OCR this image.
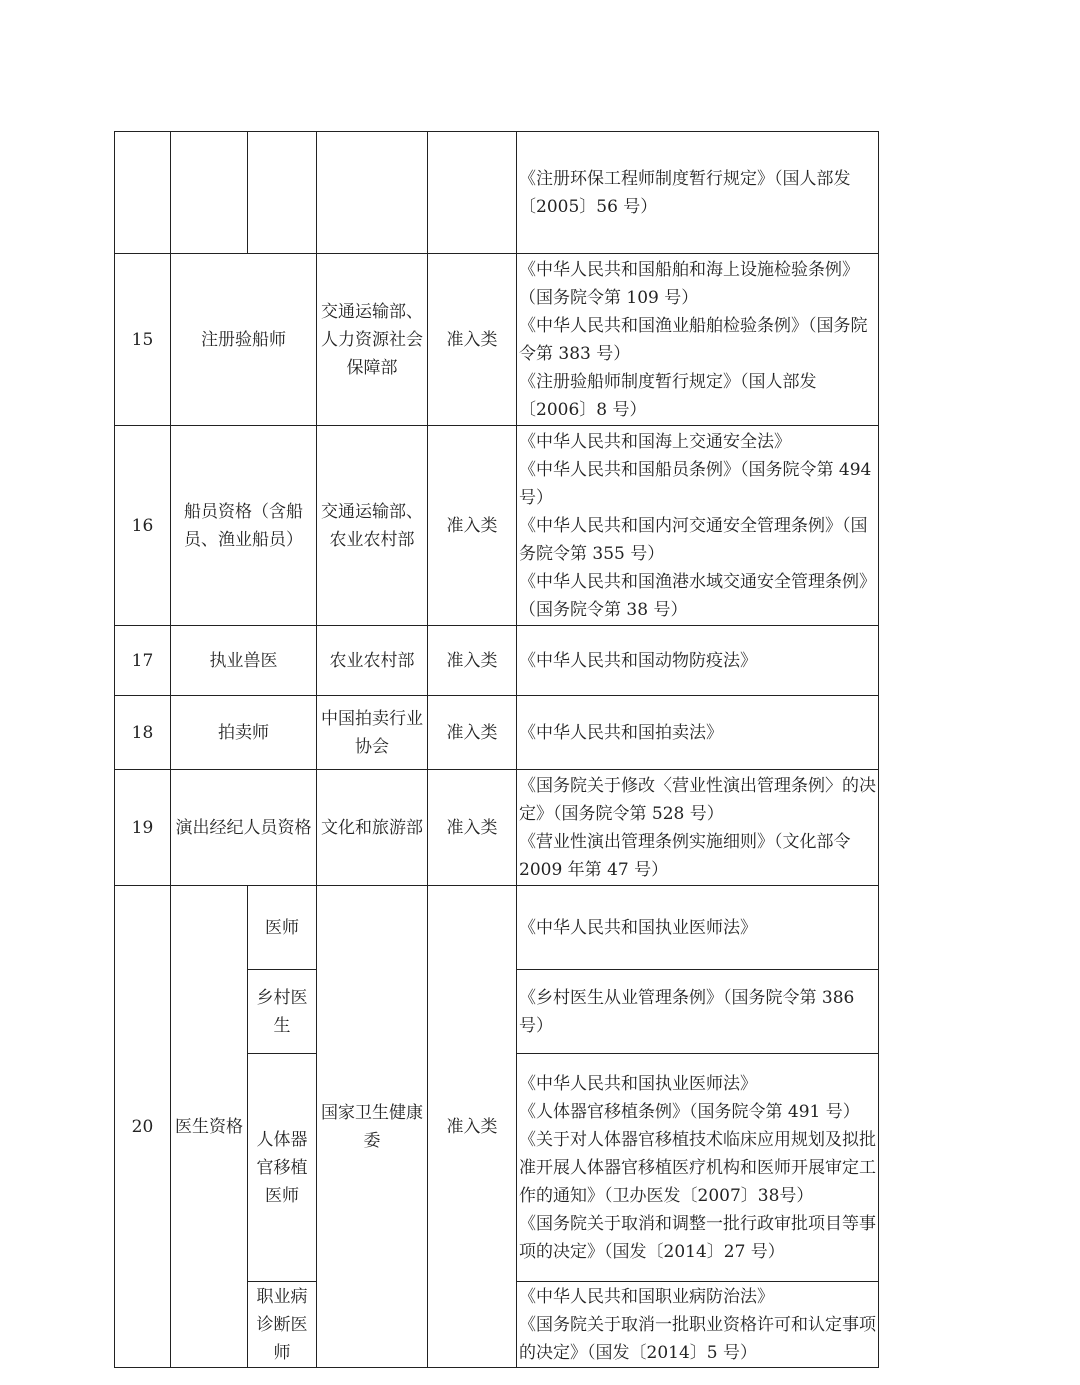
					《注册环保工程师制度暂行规定》（国人部发〔2005〕56 号）
15	注册验船师		交通运输部、人力资源社会保障部	准入类	《中华人民共和国船舶和海上设施检验条例》（国务院令第 109 号）
《中华人民共和国渔业船舶检验条例》（国务院令第 383 号）
《注册验船师制度暂行规定》（国人部发〔2006〕8 号）

16	船员资格（含船员、渔业船员）		交通运输部、农业农村部	准入类	《中华人民共和国海上交通安全法》
《中华人民共和国船员条例》（国务院令第 494 号）
《中华人民共和国内河交通安全管理条例》（国务院令第 355 号）
《中华人民共和国渔港水域交通安全管理条例》（国务院令第 38 号）

17	执业兽医		农业农村部	准入类	《中华人民共和国动物防疫法》

18	拍卖师		中国拍卖行业协会	准入类	《中华人民共和国拍卖法》

19	演出经纪人员资格		文化和旅游部	准入类	《国务院关于修改〈营业性演出管理条例〉的决定》（国务院令第 528 号）
《营业性演出管理条例实施细则》（文化部令2009 年第 47 号）

20	医生资格	医师	国家卫生健康委	准入类	《中华人民共和国执业医师法》

		乡村医生			《乡村医生从业管理条例》（国务院令第 386号）

		人体器官移植医师			《中华人民共和国执业医师法》
《人体器官移植条例》（国务院令第 491 号）
《关于对人体器官移植技术临床应用规划及拟批准开展人体器官移植医疗机构和医师开展审定工作的通知》（卫办医发〔2007〕38号）
《国务院关于取消和调整一批行政审批项目等事项的决定》（国发〔2014〕27 号）

		职业病诊断医师			《中华人民共和国职业病防治法》
《国务院关于取消一批职业资格许可和认定事项的决定》（国发〔2014〕5 号）
